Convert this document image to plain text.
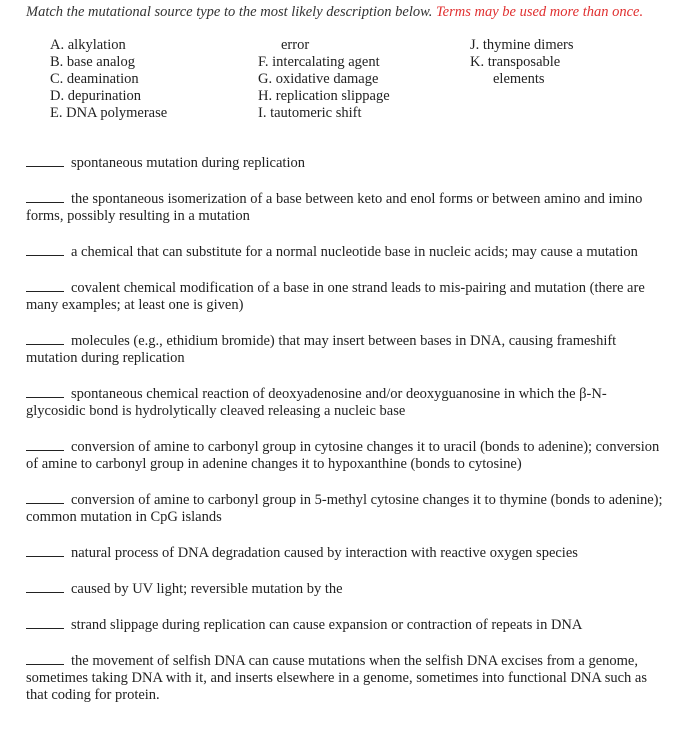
Match the mutational source type to the most likely description below. Terms may be used more than once.

A. alkylation
B. base analog
C. deamination
D. depurination
E. DNA polymerase
error
F. intercalating agent
G. oxidative damage
H. replication slippage
I. tautomeric shift
J. thymine dimers
K. transposable
elements

spontaneous mutation during replication

the spontaneous isomerization of a base between keto and enol forms or between amino and imino forms, possibly resulting in a mutation

a chemical that can substitute for a normal nucleotide base in nucleic acids; may cause a mutation

covalent chemical modification of a base in one strand leads to mis-pairing and mutation (there are many examples; at least one is given)

molecules (e.g., ethidium bromide) that may insert between bases in DNA, causing frameshift mutation during replication

spontaneous chemical reaction of deoxyadenosine and/or deoxyguanosine in which the β-N-glycosidic bond is hydrolytically cleaved releasing a nucleic base

conversion of amine to carbonyl group in cytosine changes it to uracil (bonds to adenine); conversion of amine to carbonyl group in adenine changes it to hypoxanthine (bonds to cytosine)

conversion of amine to carbonyl group in 5-methyl cytosine changes it to thymine (bonds to adenine); common mutation in CpG islands

natural process of DNA degradation caused by interaction with reactive oxygen species

caused by UV light; reversible mutation by the

strand slippage during replication can cause expansion or contraction of repeats in DNA

the movement of selfish DNA can cause mutations when the selfish DNA excises from a genome, sometimes taking DNA with it, and inserts elsewhere in a genome, sometimes into functional DNA such as that coding for protein.
